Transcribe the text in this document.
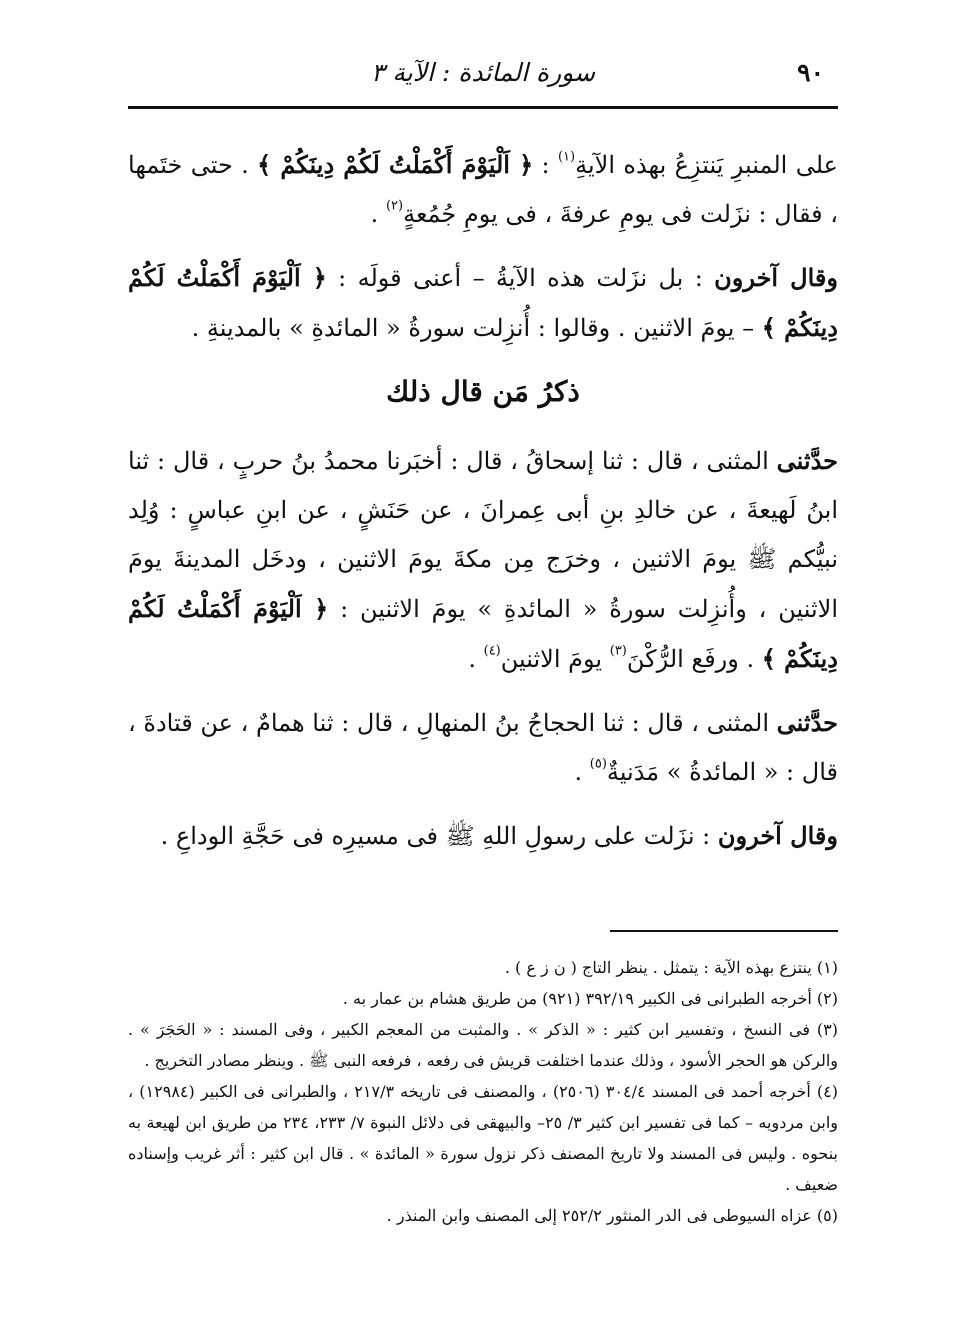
٩٠
سورة المائدة : الآية ٣

على المنبرِ يَنتزِعُ بهذه الآيةِ$^{(١)}$ : ﴿ اَلْيَوْمَ أَكْمَلْتُ لَكُمْ دِينَكُمْ ﴾ . حتى ختَمها ، فقال : نزَلت فى يومِ عرفةَ ، فى يومِ جُمُعةٍ$^{(٢)}$ .

وقال آخرون : بل نزَلت هذه الآيةُ – أعنى قولَه : ﴿ اَلْيَوْمَ أَكْمَلْتُ لَكُمْ دِينَكُمْ ﴾ – يومَ الاثنين . وقالوا : أُنزِلت سورةُ « المائدةِ » بالمدينةِ .

ذكرُ مَن قال ذلك

حدَّثنى المثنى ، قال : ثنا إسحاقُ ، قال : أخبَرنا محمدُ بنُ حربٍ ، قال : ثنا ابنُ لَهيعةَ ، عن خالدِ بنِ أبى عِمرانَ ، عن حَنَشٍ ، عن ابنِ عباسٍ : وُلِد نبيُّكم ﷺ يومَ الاثنين ، وخرَج مِن مكةَ يومَ الاثنين ، ودخَل المدينةَ يومَ الاثنين ، وأُنزِلت سورةُ « المائدةِ » يومَ الاثنين : ﴿ اَلْيَوْمَ أَكْمَلْتُ لَكُمْ دِينَكُمْ ﴾ . ورفَع الرُّكْنَ$^{(٣)}$ يومَ الاثنين$^{(٤)}$ .

حدَّثنى المثنى ، قال : ثنا الحجاجُ بنُ المنهالِ ، قال : ثنا همامٌ ، عن قتادةَ ، قال : « المائدةُ » مَدَنيةٌ$^{(٥)}$ .

وقال آخرون : نزَلت على رسولِ اللهِ ﷺ فى مسيرِه فى حَجَّةِ الوداعِ .

(١) ينتزع بهذه الآية : يتمثل . ينظر التاج ( ن ز ع ) .

(٢) أخرجه الطبرانى فى الكبير ٣٩٢/١٩ (٩٢١) من طريق هشام بن عمار به .

(٣) فى النسخ ، وتفسير ابن كثير : « الذكر » . والمثبت من المعجم الكبير ، وفى المسند : « الحَجَرَ » . والركن هو الحجر الأسود ، وذلك عندما اختلفت قريش فى رفعه ، فرفعه النبى ﷺ . وينظر مصادر التخريج .

(٤) أخرجه أحمد فى المسند ٣٠٤/٤ (٢٥٠٦) ، والمصنف فى تاريخه ٢١٧/٣ ، والطبرانى فى الكبير (١٢٩٨٤) ، وابن مردويه – كما فى تفسير ابن كثير ٣/ ٢٥– والبيهقى فى دلائل النبوة ٧/ ٢٣٣، ٢٣٤ من طريق ابن لهيعة به بنحوه . وليس فى المسند ولا تاريخ المصنف ذكر نزول سورة « المائدة » . قال ابن كثير : أثر غريب وإسناده ضعيف .

(٥) عزاه السيوطى فى الدر المنثور ٢٥٢/٢ إلى المصنف وابن المنذر .
